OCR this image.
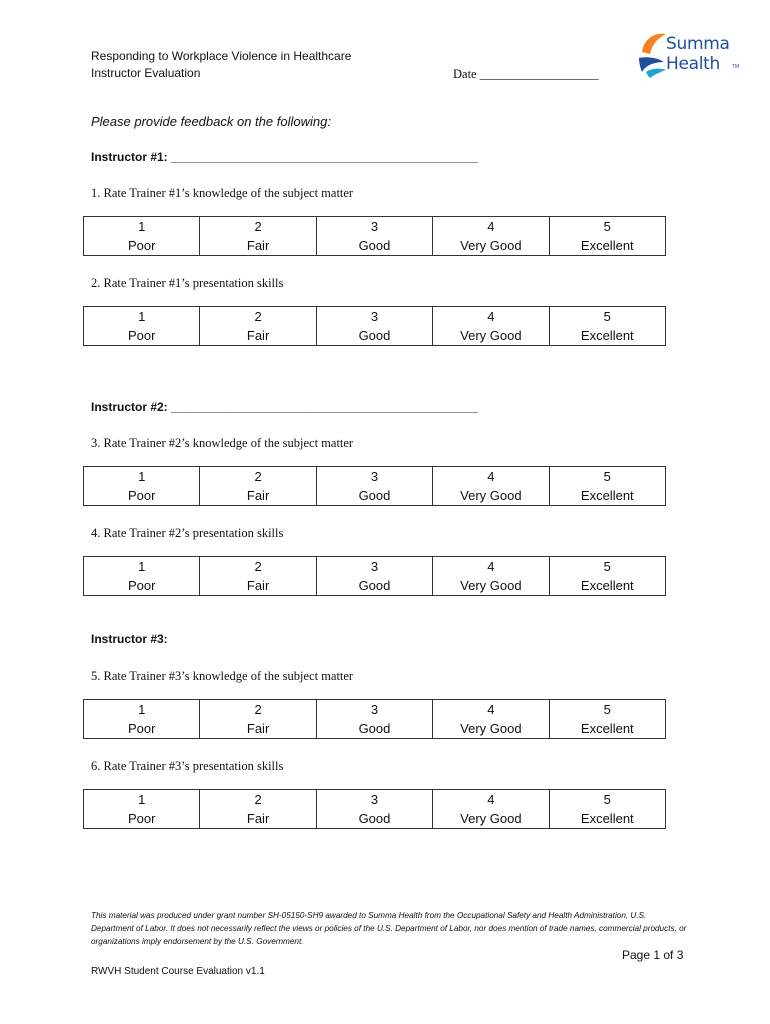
Responding to Workplace Violence in Healthcare
Instructor Evaluation	Date ___________________
Summa
Health TM
Please provide feedback on the following:
Instructor #1: ______________________________________________
1. Rate Trainer #1’s knowledge of the subject matter
1	2	3	4	5
Poor	Fair	Good	Very Good	Excellent
2. Rate Trainer #1’s presentation skills
1	2	3	4	5
Poor	Fair	Good	Very Good	Excellent
Instructor #2: ______________________________________________
3. Rate Trainer #2’s knowledge of the subject matter
1	2	3	4	5
Poor	Fair	Good	Very Good	Excellent
4. Rate Trainer #2’s presentation skills
1	2	3	4	5
Poor	Fair	Good	Very Good	Excellent
Instructor #3:
5. Rate Trainer #3’s knowledge of the subject matter
1	2	3	4	5
Poor	Fair	Good	Very Good	Excellent
6. Rate Trainer #3’s presentation skills
1	2	3	4	5
Poor	Fair	Good	Very Good	Excellent
This material was produced under grant number SH-05150-SH9 awarded to Summa Health from the Occupational Safety and Health Administration, U.S. Department of Labor. It does not necessarily reflect the views or policies of the U.S. Department of Labor, nor does mention of trade names, commercial products, or organizations imply endorsement by the U.S. Government.
Page 1 of 3
RWVH Student Course Evaluation v1.1
